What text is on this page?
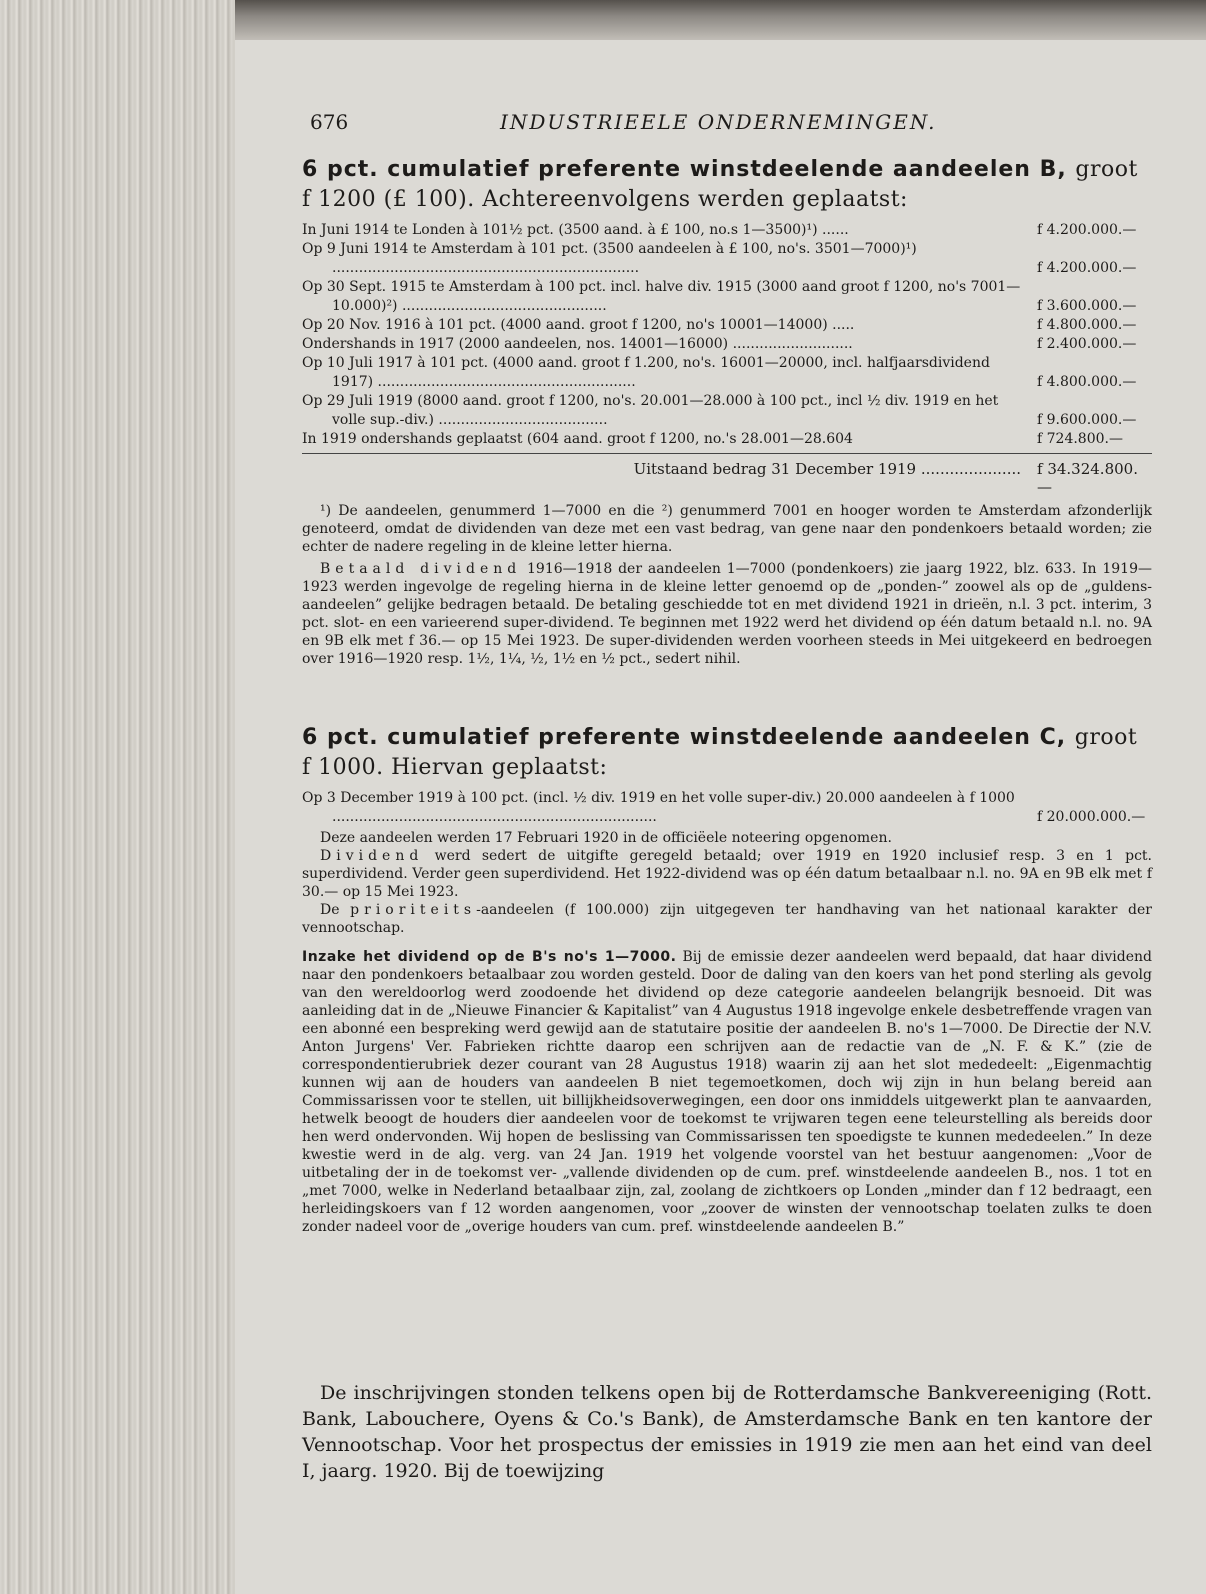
676	INDUSTRIEELE ONDERNEMINGEN.

6 pct. cumulatief preferente winstdeelende aandeelen B, groot f 1200 (£ 100). Achtereenvolgens werden geplaatst:

In Juni 1914 te Londen à 101½ pct. (3500 aand. à £ 100, no.s 1—3500)¹) ......	f 4.200.000.—
Op 9 Juni 1914 te Amsterdam à 101 pct. (3500 aandeelen à £ 100, no's. 3501—7000)¹) .....................................................................	f 4.200.000.—
Op 30 Sept. 1915 te Amsterdam à 100 pct. incl. halve div. 1915 (3000 aand groot f 1200, no's 7001—10.000)²) ..............................................	f 3.600.000.—
Op 20 Nov. 1916 à 101 pct. (4000 aand. groot f 1200, no's 10001—14000) .....	f 4.800.000.—
Ondershands in 1917 (2000 aandeelen, nos. 14001—16000) ...........................	f 2.400.000.—
Op 10 Juli 1917 à 101 pct. (4000 aand. groot f 1.200, no's. 16001—20000, incl. halfjaarsdividend 1917) ..........................................................	f 4.800.000.—
Op 29 Juli 1919 (8000 aand. groot f 1200, no's. 20.001—28.000 à 100 pct., incl ½ div. 1919 en het volle sup.-div.) ......................................	f 9.600.000.—
In 1919 ondershands geplaatst (604 aand. groot f 1200, no.'s 28.001—28.604	f 724.800.—
Uitstaand bedrag 31 December 1919 .....................	f 34.324.800.—

¹) De aandeelen, genummerd 1—7000 en die ²) genummerd 7001 en hooger worden te Amsterdam afzonderlijk genoteerd, omdat de dividenden van deze met een vast bedrag, van gene naar den pondenkoers betaald worden; zie echter de nadere regeling in de kleine letter hierna.

Betaald dividend 1916—1918 der aandeelen 1—7000 (pondenkoers) zie jaarg 1922, blz. 633. In 1919—1923 werden ingevolge de regeling hierna in de kleine letter genoemd op de „ponden-” zoowel als op de „guldens-aandeelen” gelijke bedragen betaald. De betaling geschiedde tot en met dividend 1921 in drieën, n.l. 3 pct. interim, 3 pct. slot- en een varieerend super-dividend. Te beginnen met 1922 werd het dividend op één datum betaald n.l. no. 9A en 9B elk met f 36.— op 15 Mei 1923. De super-dividenden werden voorheen steeds in Mei uitgekeerd en bedroegen over 1916—1920 resp. 1½, 1¼, ½, 1½ en ½ pct., sedert nihil.

6 pct. cumulatief preferente winstdeelende aandeelen C, groot f 1000. Hiervan geplaatst:

Op 3 December 1919 à 100 pct. (incl. ½ div. 1919 en het volle super-div.) 20.000 aandeelen à f 1000 .........................................................................	f 20.000.000.—

Deze aandeelen werden 17 Februari 1920 in de officiëele noteering opgenomen.

Dividend werd sedert de uitgifte geregeld betaald; over 1919 en 1920 inclusief resp. 3 en 1 pct. superdividend. Verder geen superdividend. Het 1922-dividend was op één datum betaalbaar n.l. no. 9A en 9B elk met f 30.— op 15 Mei 1923.

De prioriteits-aandeelen (f 100.000) zijn uitgegeven ter handhaving van het nationaal karakter der vennootschap.

Inzake het dividend op de B's no's 1—7000. Bij de emissie dezer aandeelen werd bepaald, dat haar dividend naar den pondenkoers betaalbaar zou worden gesteld. Door de daling van den koers van het pond sterling als gevolg van den wereldoorlog werd zoodoende het dividend op deze categorie aandeelen belangrijk besnoeid. Dit was aanleiding dat in de „Nieuwe Financier & Kapitalist” van 4 Augustus 1918 ingevolge enkele desbetreffende vragen van een abonné een bespreking werd gewijd aan de statutaire positie der aandeelen B. no's 1—7000. De Directie der N.V. Anton Jurgens' Ver. Fabrieken richtte daarop een schrijven aan de redactie van de „N. F. & K.” (zie de correspondentierubriek dezer courant van 28 Augustus 1918) waarin zij aan het slot mededeelt: „Eigenmachtig kunnen wij aan de houders van aandeelen B niet tegemoetkomen, doch wij zijn in hun belang bereid aan Commissarissen voor te stellen, uit billijkheidsoverwegingen, een door ons inmiddels uitgewerkt plan te aanvaarden, hetwelk beoogt de houders dier aandeelen voor de toekomst te vrijwaren tegen eene teleurstelling als bereids door hen werd ondervonden. Wij hopen de beslissing van Commissarissen ten spoedigste te kunnen mededeelen.” In deze kwestie werd in de alg. verg. van 24 Jan. 1919 het volgende voorstel van het bestuur aangenomen: „Voor de uitbetaling der in de toekomst ver- „vallende dividenden op de cum. pref. winstdeelende aandeelen B., nos. 1 tot en „met 7000, welke in Nederland betaalbaar zijn, zal, zoolang de zichtkoers op Londen „minder dan f 12 bedraagt, een herleidingskoers van f 12 worden aangenomen, voor „zoover de winsten der vennootschap toelaten zulks te doen zonder nadeel voor de „overige houders van cum. pref. winstdeelende aandeelen B.”

De inschrijvingen stonden telkens open bij de Rotterdamsche Bankvereeniging (Rott. Bank, Labouchere, Oyens & Co.'s Bank), de Amsterdamsche Bank en ten kantore der Vennootschap. Voor het prospectus der emissies in 1919 zie men aan het eind van deel I, jaarg. 1920. Bij de toewijzing
